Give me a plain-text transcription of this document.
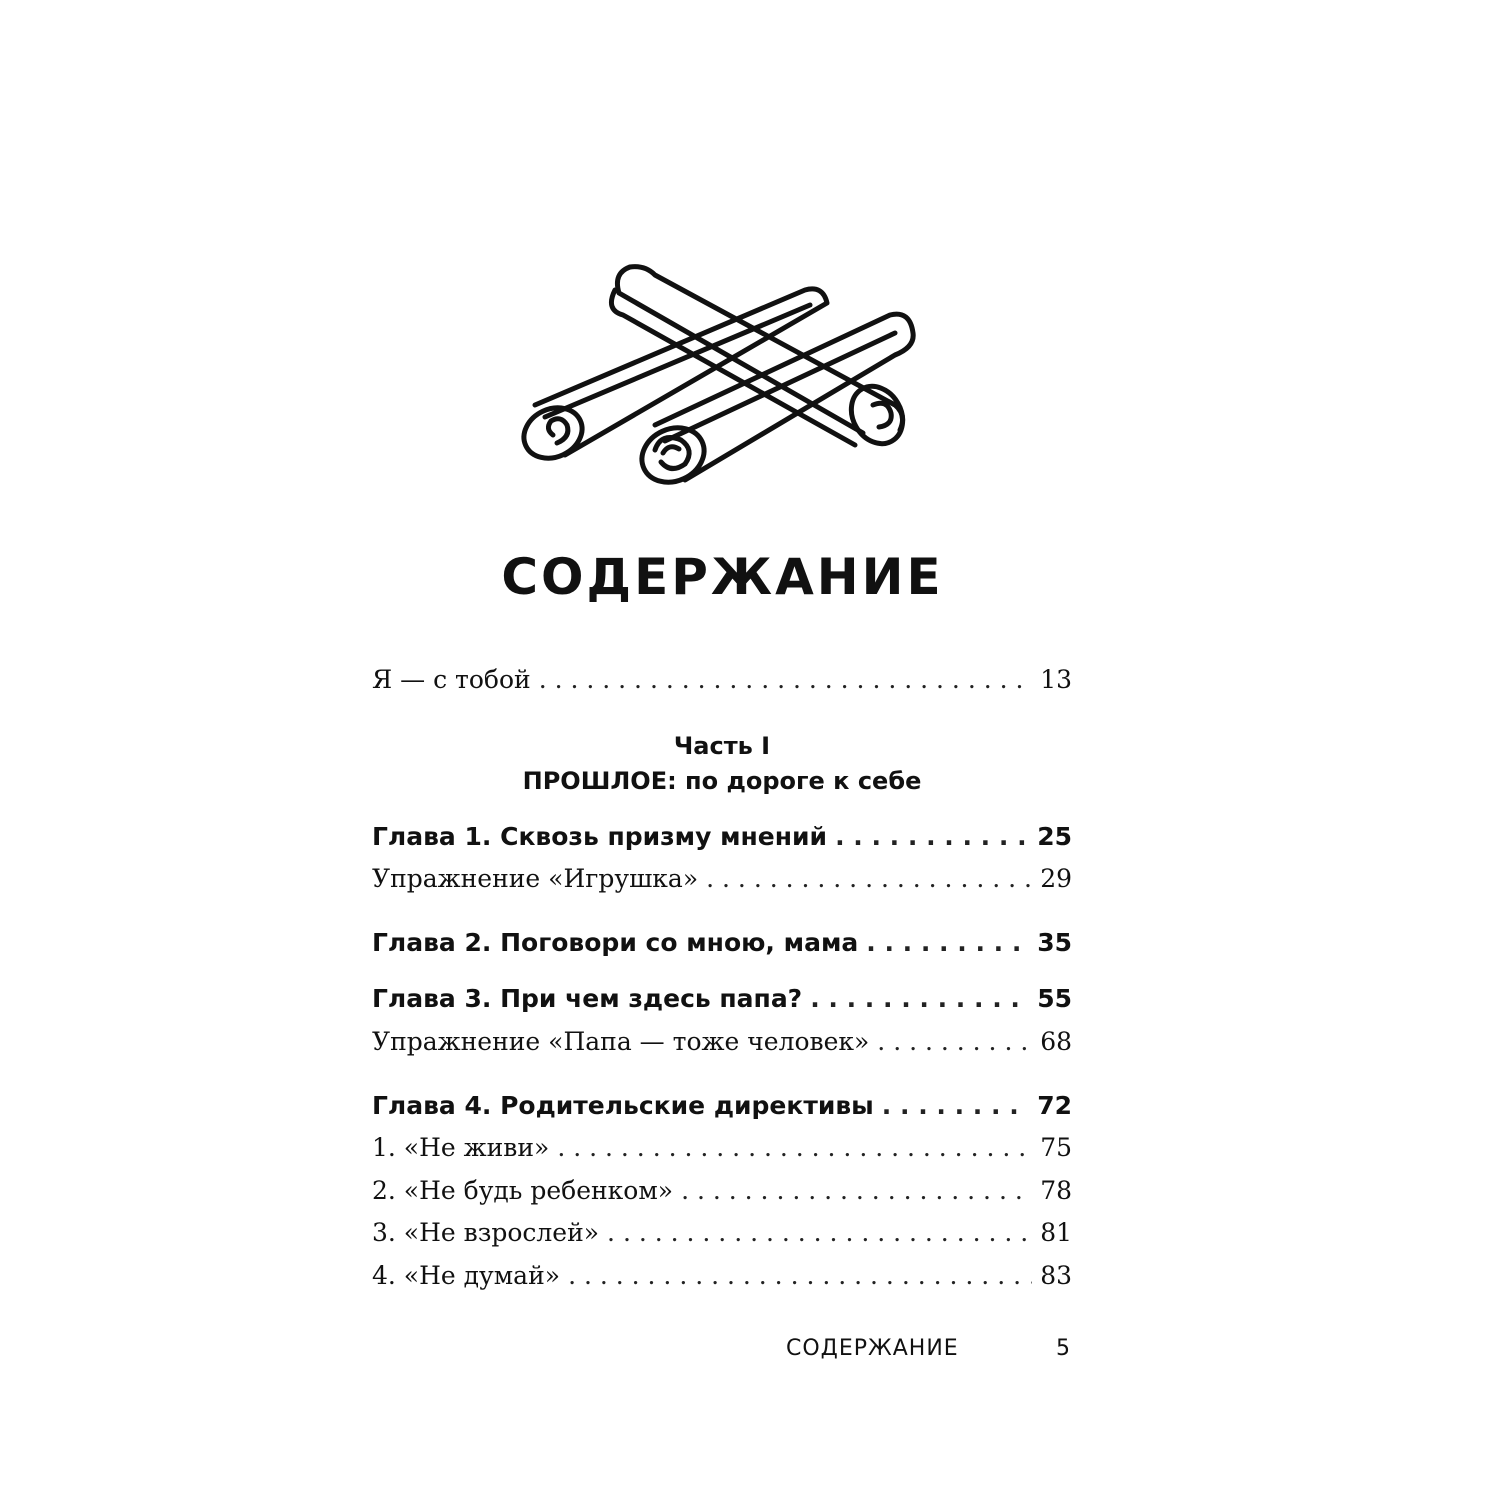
СОДЕРЖАНИЕ
Я — с тобой . . .	13
Часть I
ПРОШЛОЕ: по дороге к себе
Глава 1. Сквозь призму мнений . . .	25
Упражнение «Игрушка» . . .	29
Глава 2. Поговори со мною, мама . . .	35
Глава 3. При чем здесь папа? . . .	55
Упражнение «Папа — тоже человек» . . .	68
Глава 4. Родительские директивы . . .	72
1. «Не живи» . . .	75
2. «Не будь ребенком» . . .	78
3. «Не взрослей» . . .	81
4. «Не думай» . . .	83
СОДЕРЖАНИЕ	5
